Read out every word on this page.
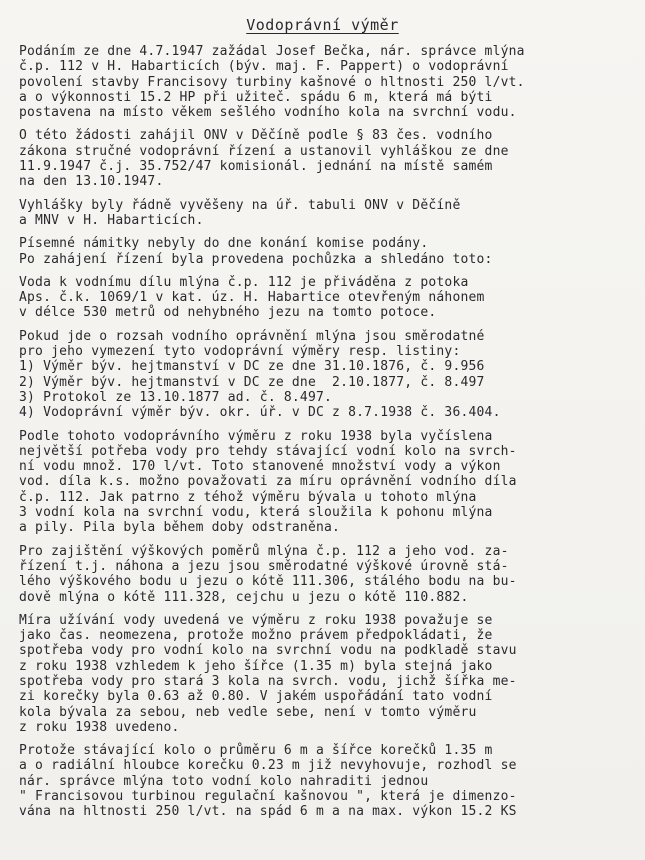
Vodoprávní výměr
Podáním ze dne 4.7.1947 zažádal Josef Bečka, nár. správce mlýna
č.p. 112 v H. Habarticích (býv. maj. F. Pappert) o vodoprávní
povolení stavby Francisovy turbiny kašnové o hltnosti 250 l/vt.
a o výkonnosti 15.2 HP při užiteč. spádu 6 m, která má býti
postavena na místo věkem sešlého vodního kola na svrchní vodu.
O této žádosti zahájil ONV v Děčíně podle § 83 čes. vodního
zákona stručné vodoprávní řízení a ustanovil vyhláškou ze dne
11.9.1947 č.j. 35.752/47 komisionál. jednání na místě samém
na den 13.10.1947.
Vyhlášky byly řádně vyvěšeny na úř. tabuli ONV v Děčíně
a MNV v H. Habarticích.
Písemné námitky nebyly do dne konání komise podány.
Po zahájení řízení byla provedena pochůzka a shledáno toto:
Voda k vodnímu dílu mlýna č.p. 112 je přiváděna z potoka
Aps. č.k. 1069/1 v kat. úz. H. Habartice otevřeným náhonem
v délce 530 metrů od nehybného jezu na tomto potoce.
Pokud jde o rozsah vodního oprávnění mlýna jsou směrodatné
pro jeho vymezení tyto vodoprávní výměry resp. listiny:
1) Výměr býv. hejtmanství v DC ze dne 31.10.1876, č. 9.956
2) Výměr býv. hejtmanství v DC ze dne  2.10.1877, č. 8.497
3) Protokol ze 13.10.1877 ad. č. 8.497.
4) Vodoprávní výměr býv. okr. úř. v DC z 8.7.1938 č. 36.404.
Podle tohoto vodoprávního výměru z roku 1938 byla vyčíslena
největší potřeba vody pro tehdy stávající vodní kolo na svrch-
ní vodu množ. 170 l/vt. Toto stanovené množství vody a výkon
vod. díla k.s. možno považovati za míru oprávnění vodního díla
č.p. 112. Jak patrno z téhož výměru bývala u tohoto mlýna
3 vodní kola na svrchní vodu, která sloužila k pohonu mlýna
a pily. Pila byla během doby odstraněna.
Pro zajištění výškových poměrů mlýna č.p. 112 a jeho vod. za-
řízení t.j. náhona a jezu jsou směrodatné výškové úrovně stá-
lého výškového bodu u jezu o kótě 111.306, stálého bodu na bu-
dově mlýna o kótě 111.328, cejchu u jezu o kótě 110.882.
Míra užívání vody uvedená ve výměru z roku 1938 považuje se
jako čas. neomezena, protože možno právem předpokládati, že
spotřeba vody pro vodní kolo na svrchní vodu na podkladě stavu
z roku 1938 vzhledem k jeho šířce (1.35 m) byla stejná jako
spotřeba vody pro stará 3 kola na svrch. vodu, jichž šířka me-
zi korečky byla 0.63 až 0.80. V jakém uspořádání tato vodní
kola bývala za sebou, neb vedle sebe, není v tomto výměru
z roku 1938 uvedeno.
Protože stávající kolo o průměru 6 m a šířce korečků 1.35 m
a o radiální hloubce korečku 0.23 m již nevyhovuje, rozhodl se
nár. správce mlýna toto vodní kolo nahraditi jednou
" Francisovou turbinou regulační kašnovou ", která je dimenzo-
vána na hltnosti 250 l/vt. na spád 6 m a na max. výkon 15.2 KS
